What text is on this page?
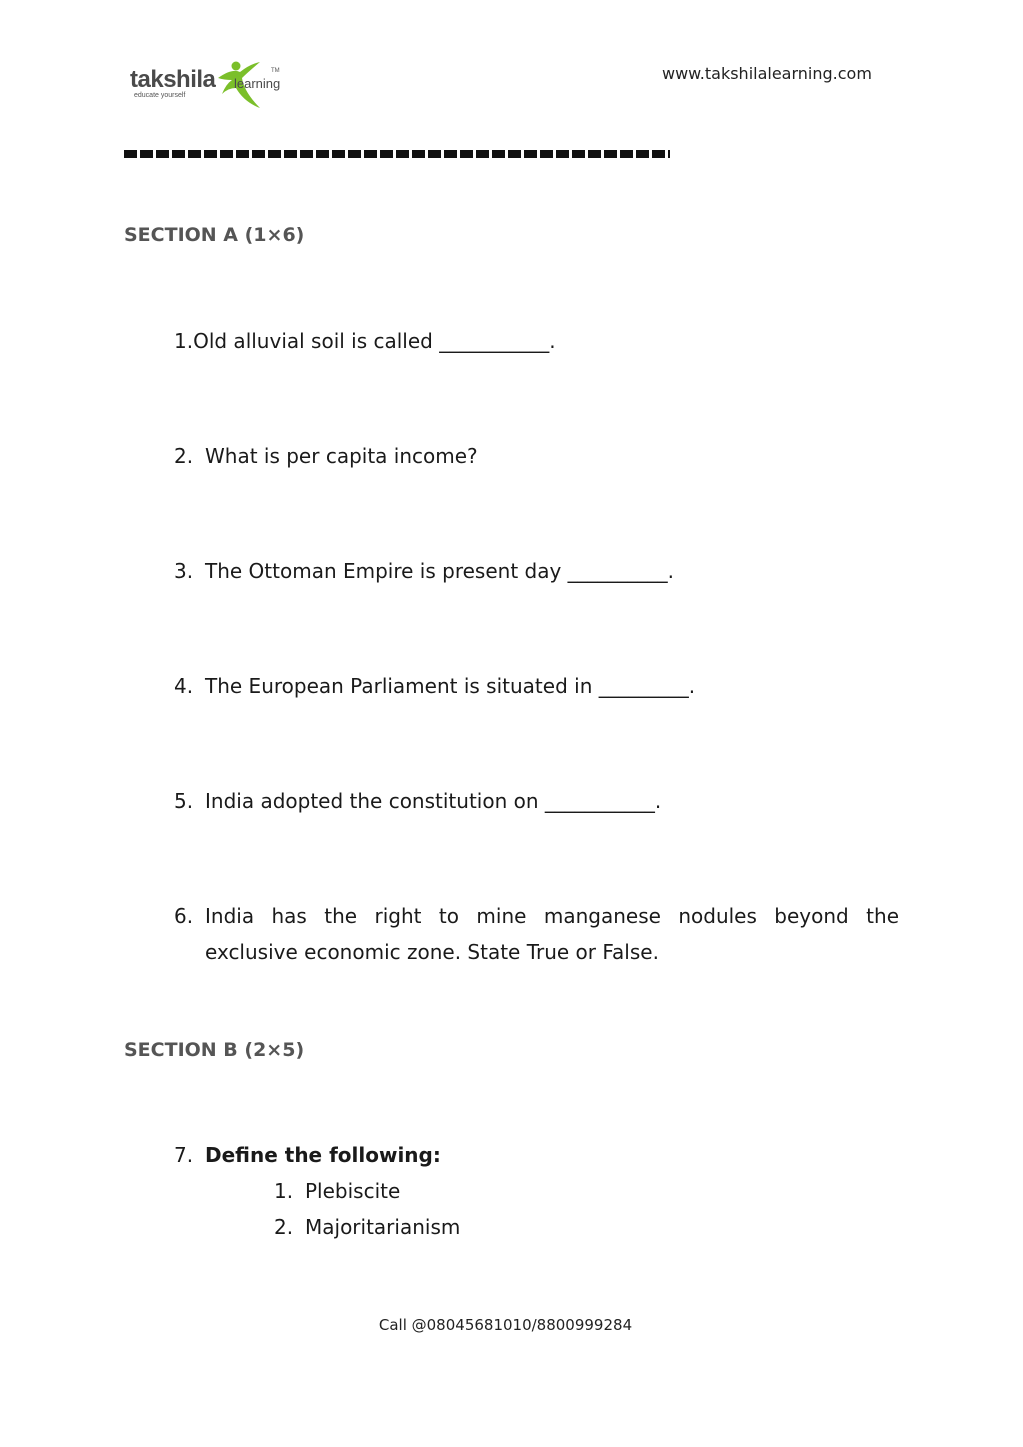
takshila learning
TM
educate yourself
www.takshilalearning.com
SECTION A (1×6)
1.Old alluvial soil is called ___________.
2. What is per capita income?
3. The Ottoman Empire is present day __________.
4. The European Parliament is situated in _________.
5. India adopted the constitution on ___________.
6. India has the right to mine manganese nodules beyond the
exclusive economic zone. State True or False.
SECTION B (2×5)
7. Define the following:
1. Plebiscite
2. Majoritarianism
Call @08045681010/8800999284
